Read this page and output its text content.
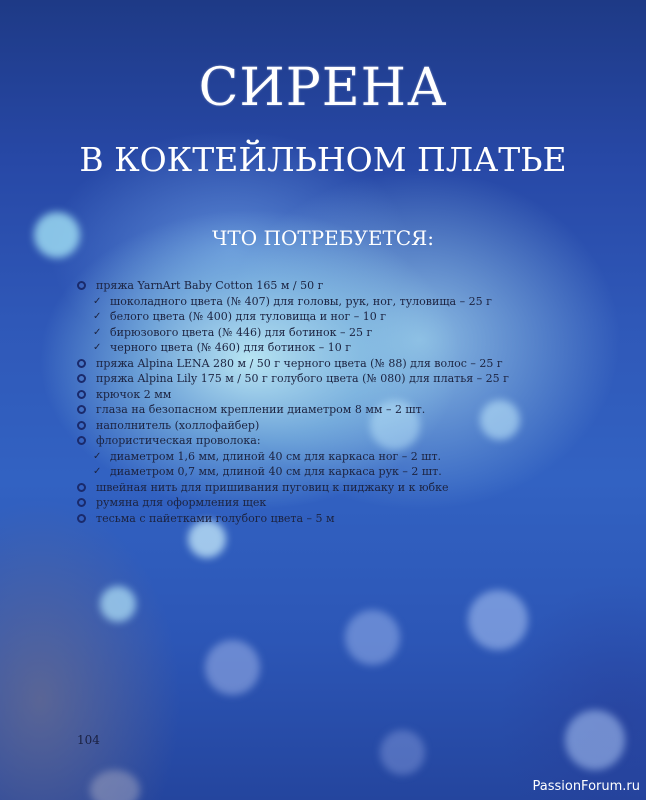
СИРЕНА
В КОКТЕЙЛЬНОМ ПЛАТЬЕ
ЧТО ПОТРЕБУЕТСЯ:
пряжа YarnArt Baby Cotton 165 м / 50 г
✓ шоколадного цвета (№ 407) для головы, рук, ног, туловища – 25 г
✓ белого цвета (№ 400) для туловища и ног – 10 г
✓ бирюзового цвета (№ 446) для ботинок – 25 г
✓ черного цвета (№ 460) для ботинок – 10 г
пряжа Alpina LENA 280 м / 50 г черного цвета (№ 88) для волос – 25 г
пряжа Alpina Lily 175 м / 50 г голубого цвета (№ 080) для платья – 25 г
крючок 2 мм
глаза на безопасном креплении диаметром 8 мм – 2 шт.
наполнитель (холлофайбер)
флористическая проволока:
✓ диаметром 1,6 мм, длиной 40 см для каркаса ног – 2 шт.
✓ диаметром 0,7 мм, длиной 40 см для каркаса рук – 2 шт.
швейная нить для пришивания пуговиц к пиджаку и к юбке
румяна для оформления щек
тесьма с пайетками голубого цвета – 5 м
104
PassionForum.ru
